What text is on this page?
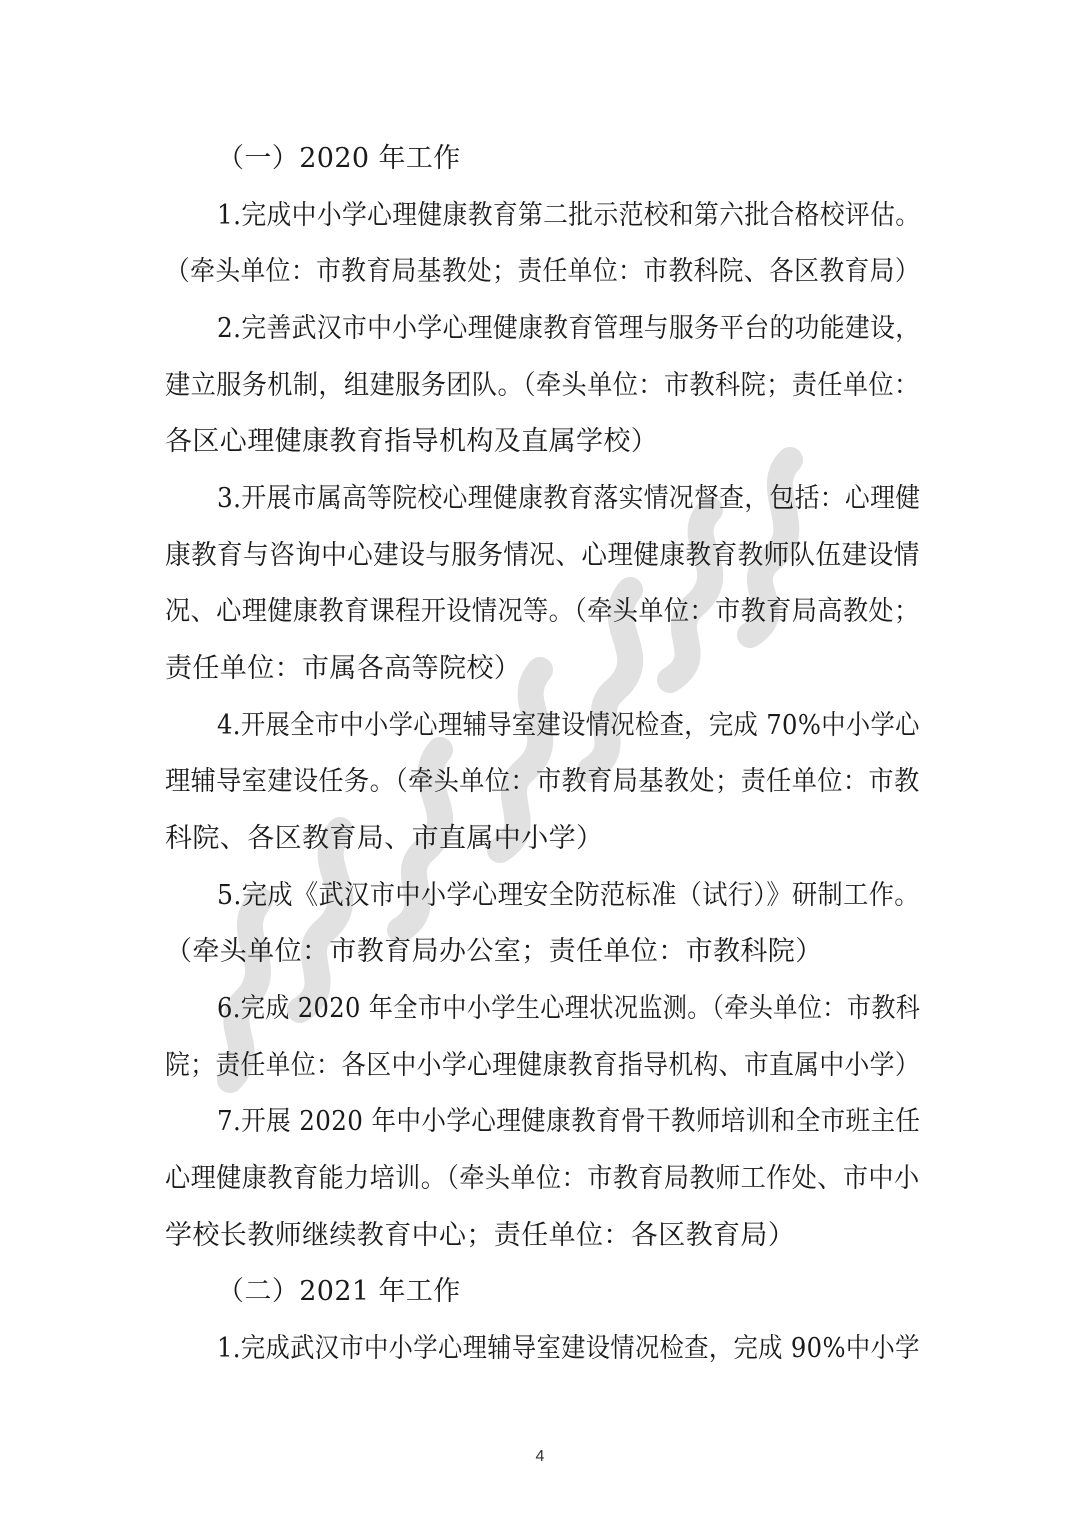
（一）2020 年工作
1.完成中小学心理健康教育第二批示范校和第六批合格校评估。
（牵头单位：市教育局基教处；责任单位：市教科院、各区教育局）
2.完善武汉市中小学心理健康教育管理与服务平台的功能建设，
建立服务机制，组建服务团队。（牵头单位：市教科院；责任单位：
各区心理健康教育指导机构及直属学校）
3.开展市属高等院校心理健康教育落实情况督查，包括：心理健
康教育与咨询中心建设与服务情况、心理健康教育教师队伍建设情
况、心理健康教育课程开设情况等。（牵头单位：市教育局高教处；
责任单位：市属各高等院校）
4.开展全市中小学心理辅导室建设情况检查，完成 70%中小学心
理辅导室建设任务。（牵头单位：市教育局基教处；责任单位：市教
科院、各区教育局、市直属中小学）
5.完成《武汉市中小学心理安全防范标准（试行）》研制工作。
（牵头单位：市教育局办公室；责任单位：市教科院）
6.完成 2020 年全市中小学生心理状况监测。（牵头单位：市教科
院；责任单位：各区中小学心理健康教育指导机构、市直属中小学）
7.开展 2020 年中小学心理健康教育骨干教师培训和全市班主任
心理健康教育能力培训。（牵头单位：市教育局教师工作处、市中小
学校长教师继续教育中心；责任单位：各区教育局）
（二）2021 年工作
1.完成武汉市中小学心理辅导室建设情况检查，完成 90%中小学
4
